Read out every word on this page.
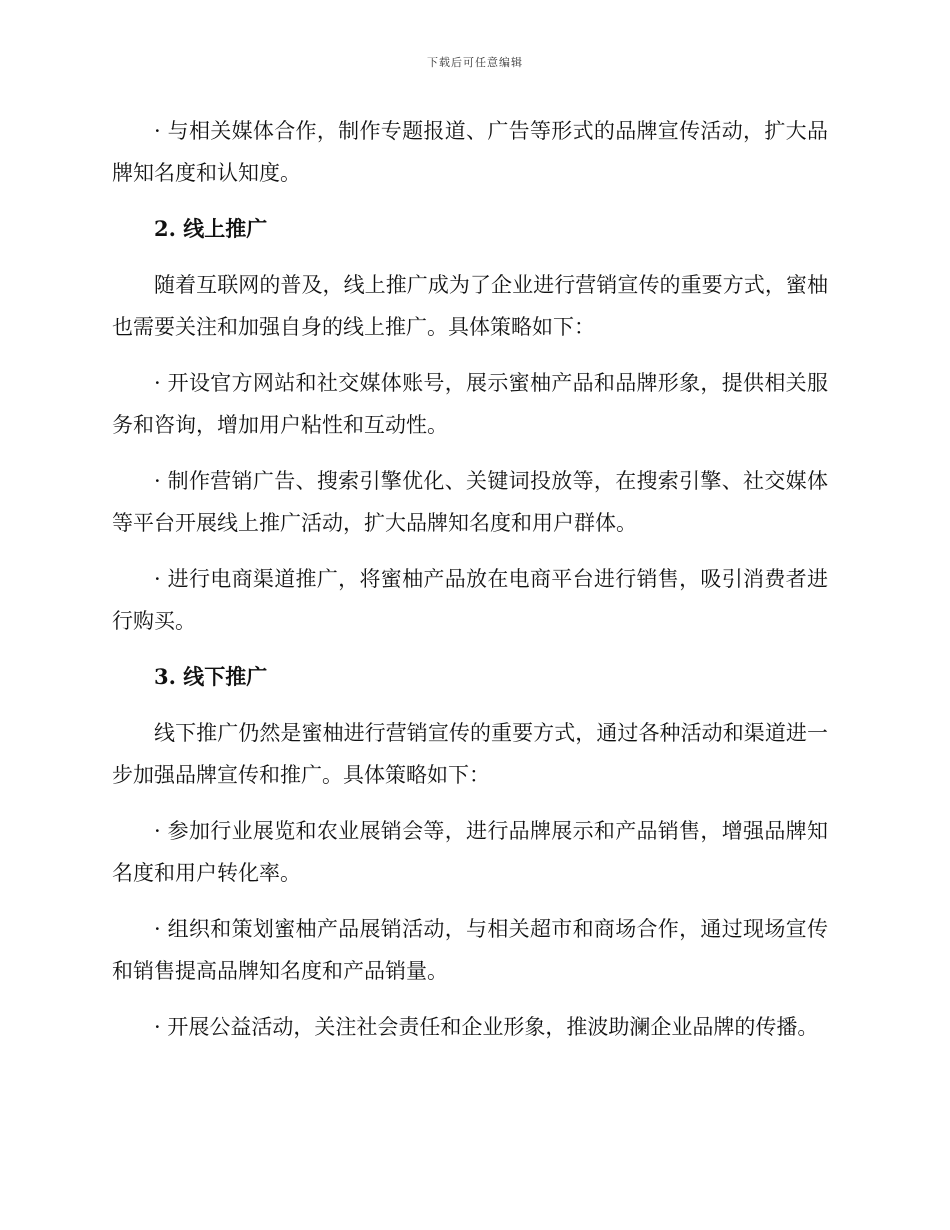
下载后可任意编辑

· 与相关媒体合作，制作专题报道、广告等形式的品牌宣传活动，扩大品牌知名度和认知度。

2. 线上推广

随着互联网的普及，线上推广成为了企业进行营销宣传的重要方式，蜜柚也需要关注和加强自身的线上推广。具体策略如下：

· 开设官方网站和社交媒体账号，展示蜜柚产品和品牌形象，提供相关服务和咨询，增加用户粘性和互动性。

· 制作营销广告、搜索引擎优化、关键词投放等，在搜索引擎、社交媒体等平台开展线上推广活动，扩大品牌知名度和用户群体。

· 进行电商渠道推广，将蜜柚产品放在电商平台进行销售，吸引消费者进行购买。

3. 线下推广

线下推广仍然是蜜柚进行营销宣传的重要方式，通过各种活动和渠道进一步加强品牌宣传和推广。具体策略如下：

· 参加行业展览和农业展销会等，进行品牌展示和产品销售，增强品牌知名度和用户转化率。

· 组织和策划蜜柚产品展销活动，与相关超市和商场合作，通过现场宣传和销售提高品牌知名度和产品销量。

· 开展公益活动，关注社会责任和企业形象，推波助澜企业品牌的传播。
